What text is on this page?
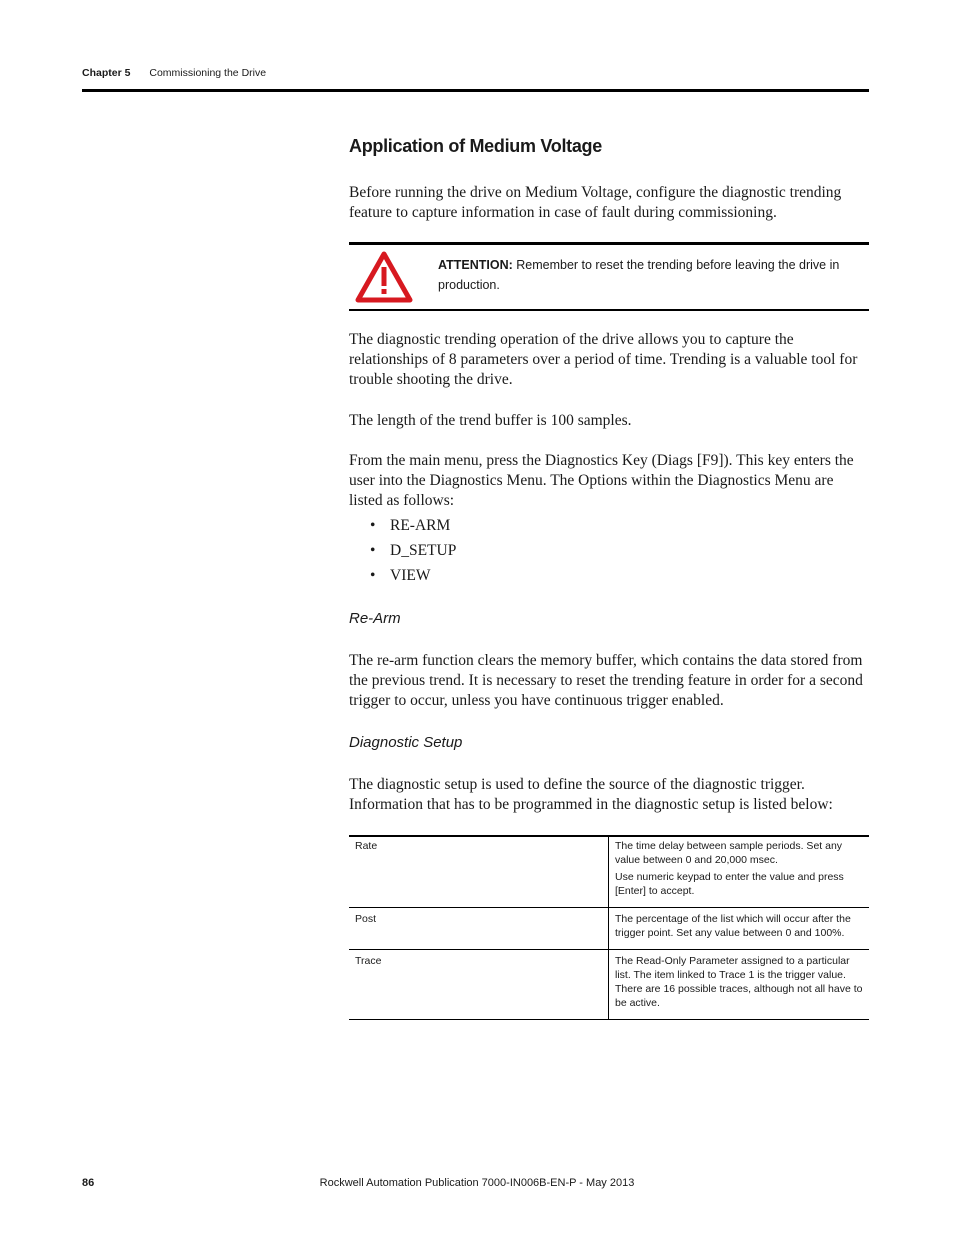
Chapter 5 Commissioning the Drive
Application of Medium Voltage
Before running the drive on Medium Voltage, configure the diagnostic trending feature to capture information in case of fault during commissioning.
ATTENTION: Remember to reset the trending before leaving the drive in production.
The diagnostic trending operation of the drive allows you to capture the relationships of 8 parameters over a period of time. Trending is a valuable tool for trouble shooting the drive.
The length of the trend buffer is 100 samples.
From the main menu, press the Diagnostics Key (Diags [F9]). This key enters the user into the Diagnostics Menu. The Options within the Diagnostics Menu are listed as follows:
• RE-ARM
• D_SETUP
• VIEW
Re-Arm
The re-arm function clears the memory buffer, which contains the data stored from the previous trend. It is necessary to reset the trending feature in order for a second trigger to occur, unless you have continuous trigger enabled.
Diagnostic Setup
The diagnostic setup is used to define the source of the diagnostic trigger. Information that has to be programmed in the diagnostic setup is listed below:
Rate	The time delay between sample periods. Set any value between 0 and 20,000 msec.

Use numeric keypad to enter the value and press [Enter] to accept.

Post	The percentage of the list which will occur after the trigger point. Set any value between 0 and 100%.

Trace	The Read-Only Parameter assigned to a particular list. The item linked to Trace 1 is the trigger value. There are 16 possible traces, although not all have to be active.

86	Rockwell Automation Publication 7000-IN006B-EN-P - May 2013
